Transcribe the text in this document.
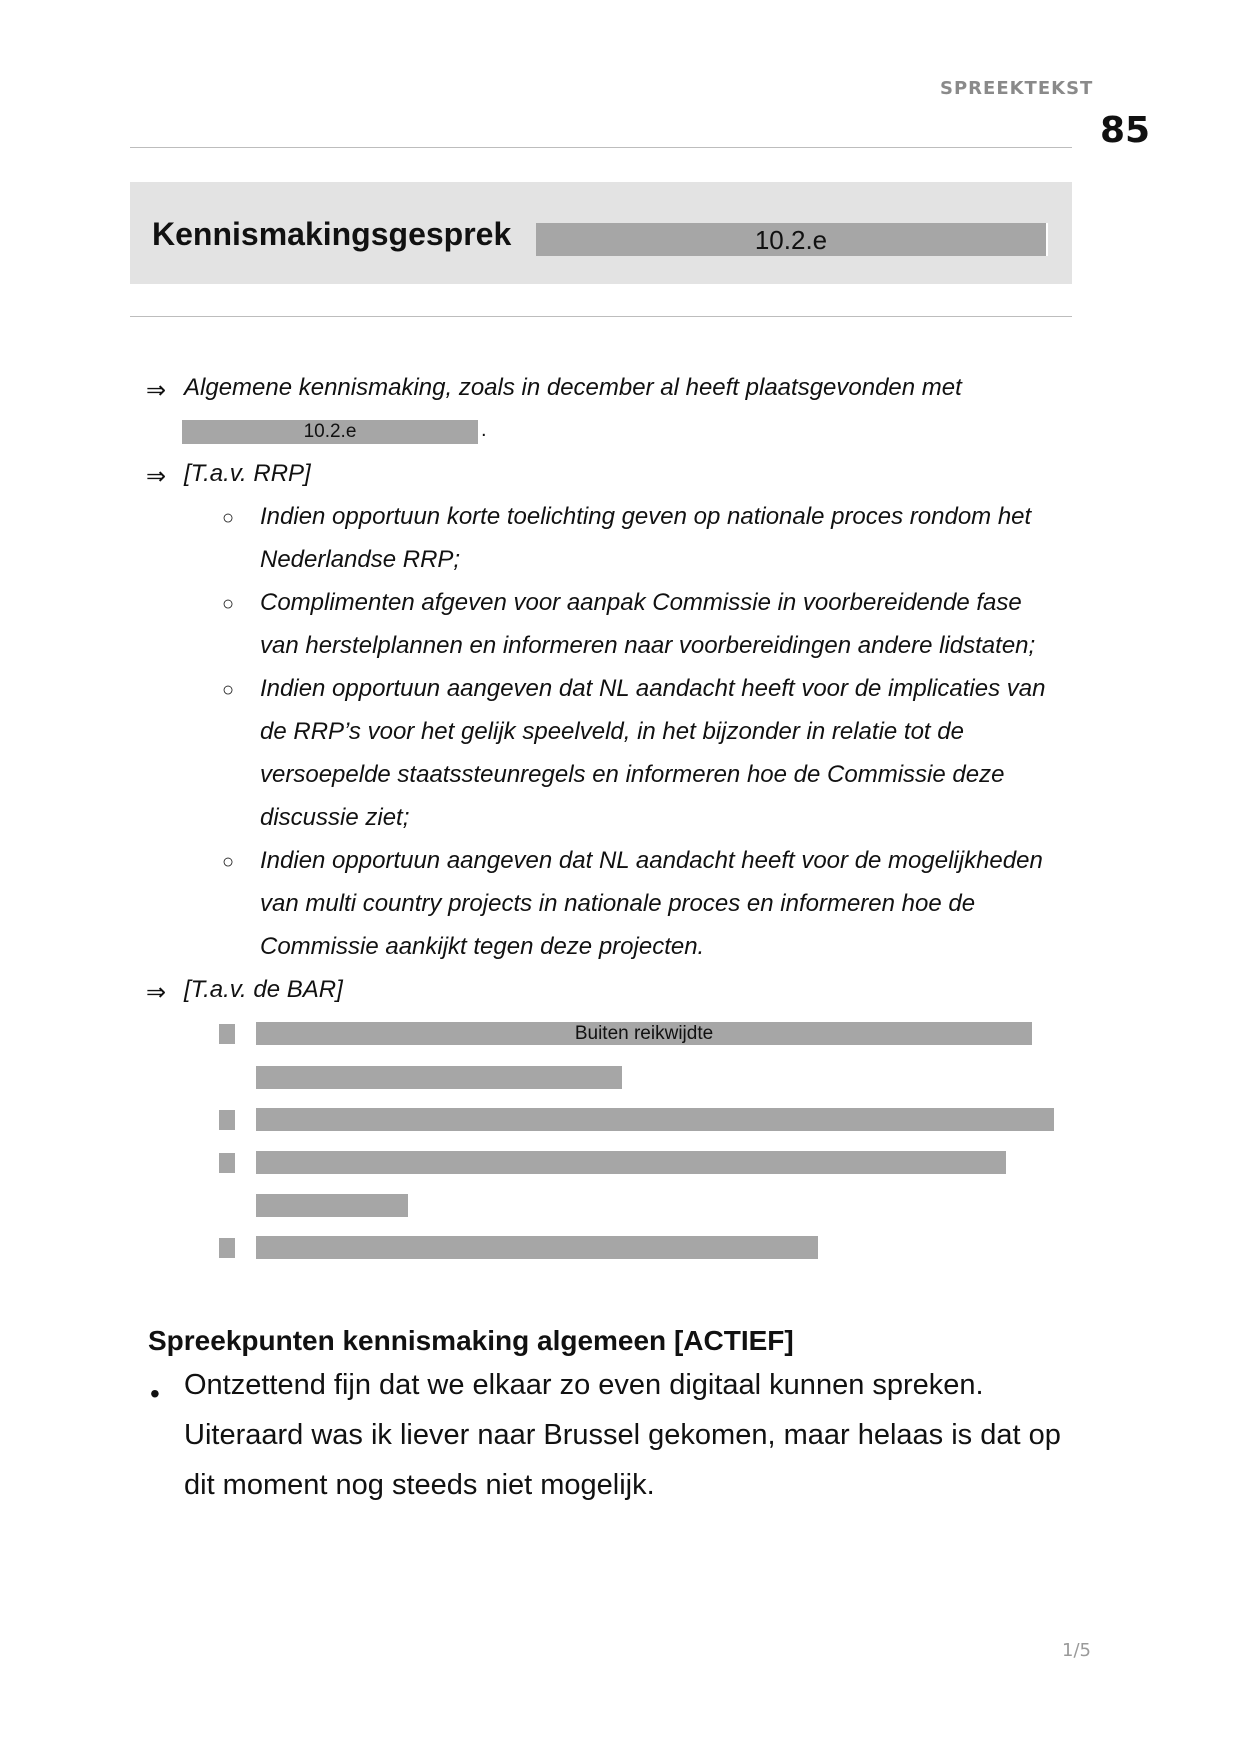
SPREEKTEKST
85
Kennismakingsgesprek	10.2.e
⇒ Algemene kennismaking, zoals in december al heeft plaatsgevonden met
10.2.e	.
⇒ [T.a.v. RRP]
○ Indien opportuun korte toelichting geven op nationale proces rondom het
Nederlandse RRP;
○ Complimenten afgeven voor aanpak Commissie in voorbereidende fase
van herstelplannen en informeren naar voorbereidingen andere lidstaten;
○ Indien opportuun aangeven dat NL aandacht heeft voor de implicaties van
de RRP’s voor het gelijk speelveld, in het bijzonder in relatie tot de
versoepelde staatssteunregels en informeren hoe de Commissie deze
discussie ziet;
○ Indien opportuun aangeven dat NL aandacht heeft voor de mogelijkheden
van multi country projects in nationale proces en informeren hoe de
Commissie aankijkt tegen deze projecten.
⇒ [T.a.v. de BAR]
Buiten reikwijdte
Spreekpunten kennismaking algemeen [ACTIEF]
• Ontzettend fijn dat we elkaar zo even digitaal kunnen spreken.
Uiteraard was ik liever naar Brussel gekomen, maar helaas is dat op
dit moment nog steeds niet mogelijk.
1/5
